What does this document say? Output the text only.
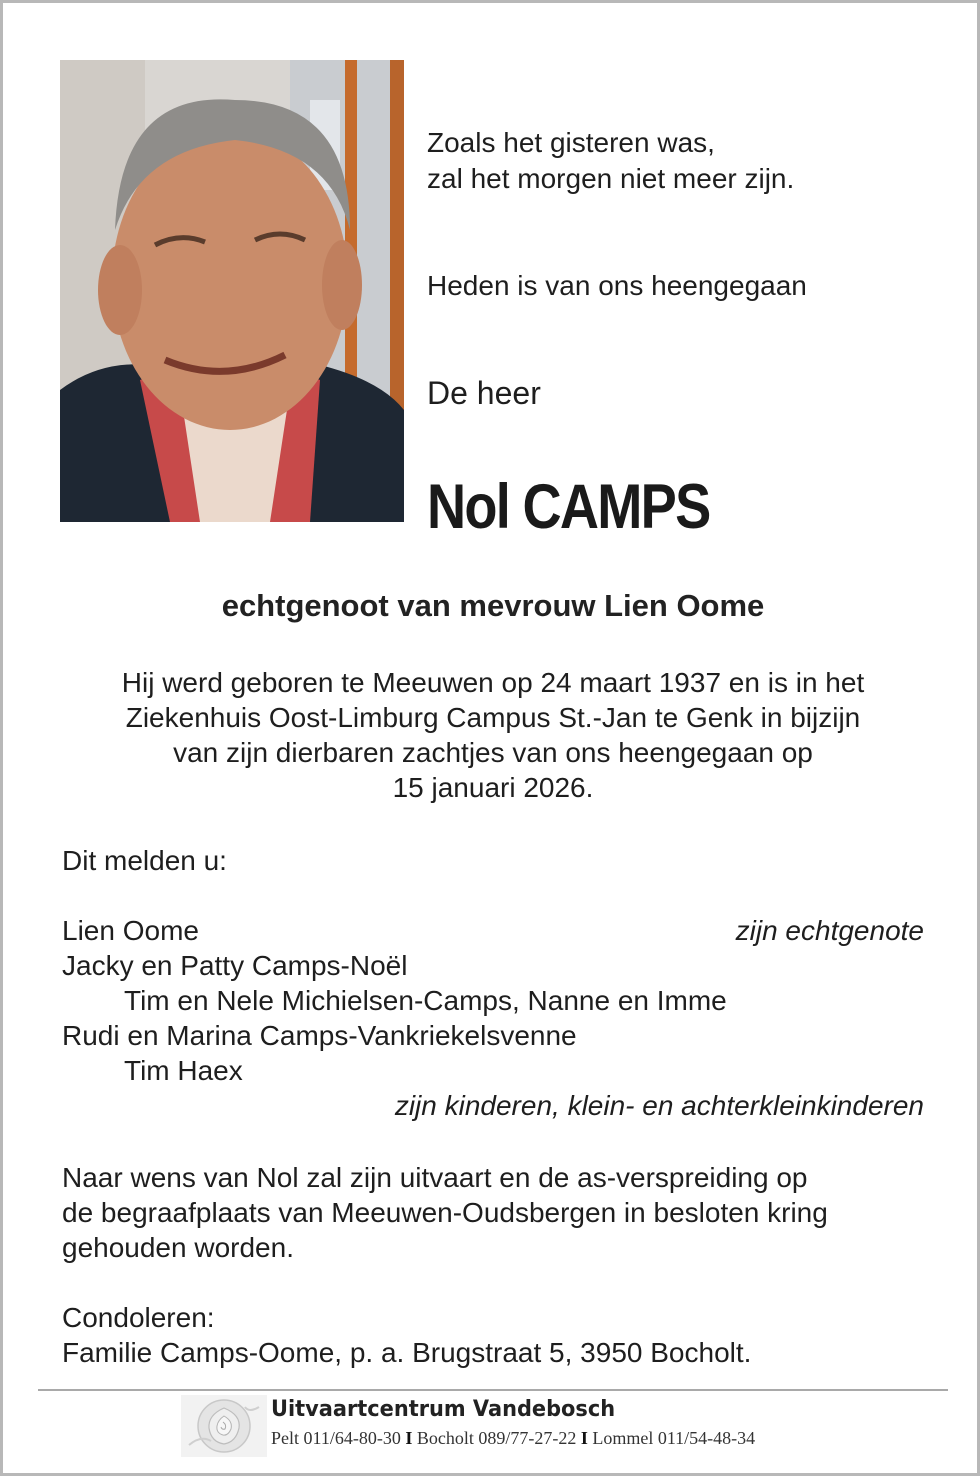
Zoals het gisteren was,
zal het morgen niet meer zijn.
Heden is van ons heengegaan
De heer
Nol CAMPS
echtgenoot van mevrouw Lien Oome
Hij werd geboren te Meeuwen op 24 maart 1937 en is in het
Ziekenhuis Oost-Limburg Campus St.-Jan te Genk in bijzijn
van zijn dierbaren zachtjes van ons heengegaan op
15 januari 2026.
Dit melden u:
Lien Oome	zijn echtgenote
Jacky en Patty Camps-Noël
Tim en Nele Michielsen-Camps, Nanne en Imme
Rudi en Marina Camps-Vankriekelsvenne
Tim Haex
zijn kinderen, klein- en achterkleinkinderen
Naar wens van Nol zal zijn uitvaart en de as-verspreiding op
de begraafplaats van Meeuwen-Oudsbergen in besloten kring
gehouden worden.
Condoleren:
Familie Camps-Oome, p. a. Brugstraat 5, 3950 Bocholt.
Uitvaartcentrum Vandebosch
Pelt 011/64-80-30 I Bocholt 089/77-27-22 I Lommel 011/54-48-34
